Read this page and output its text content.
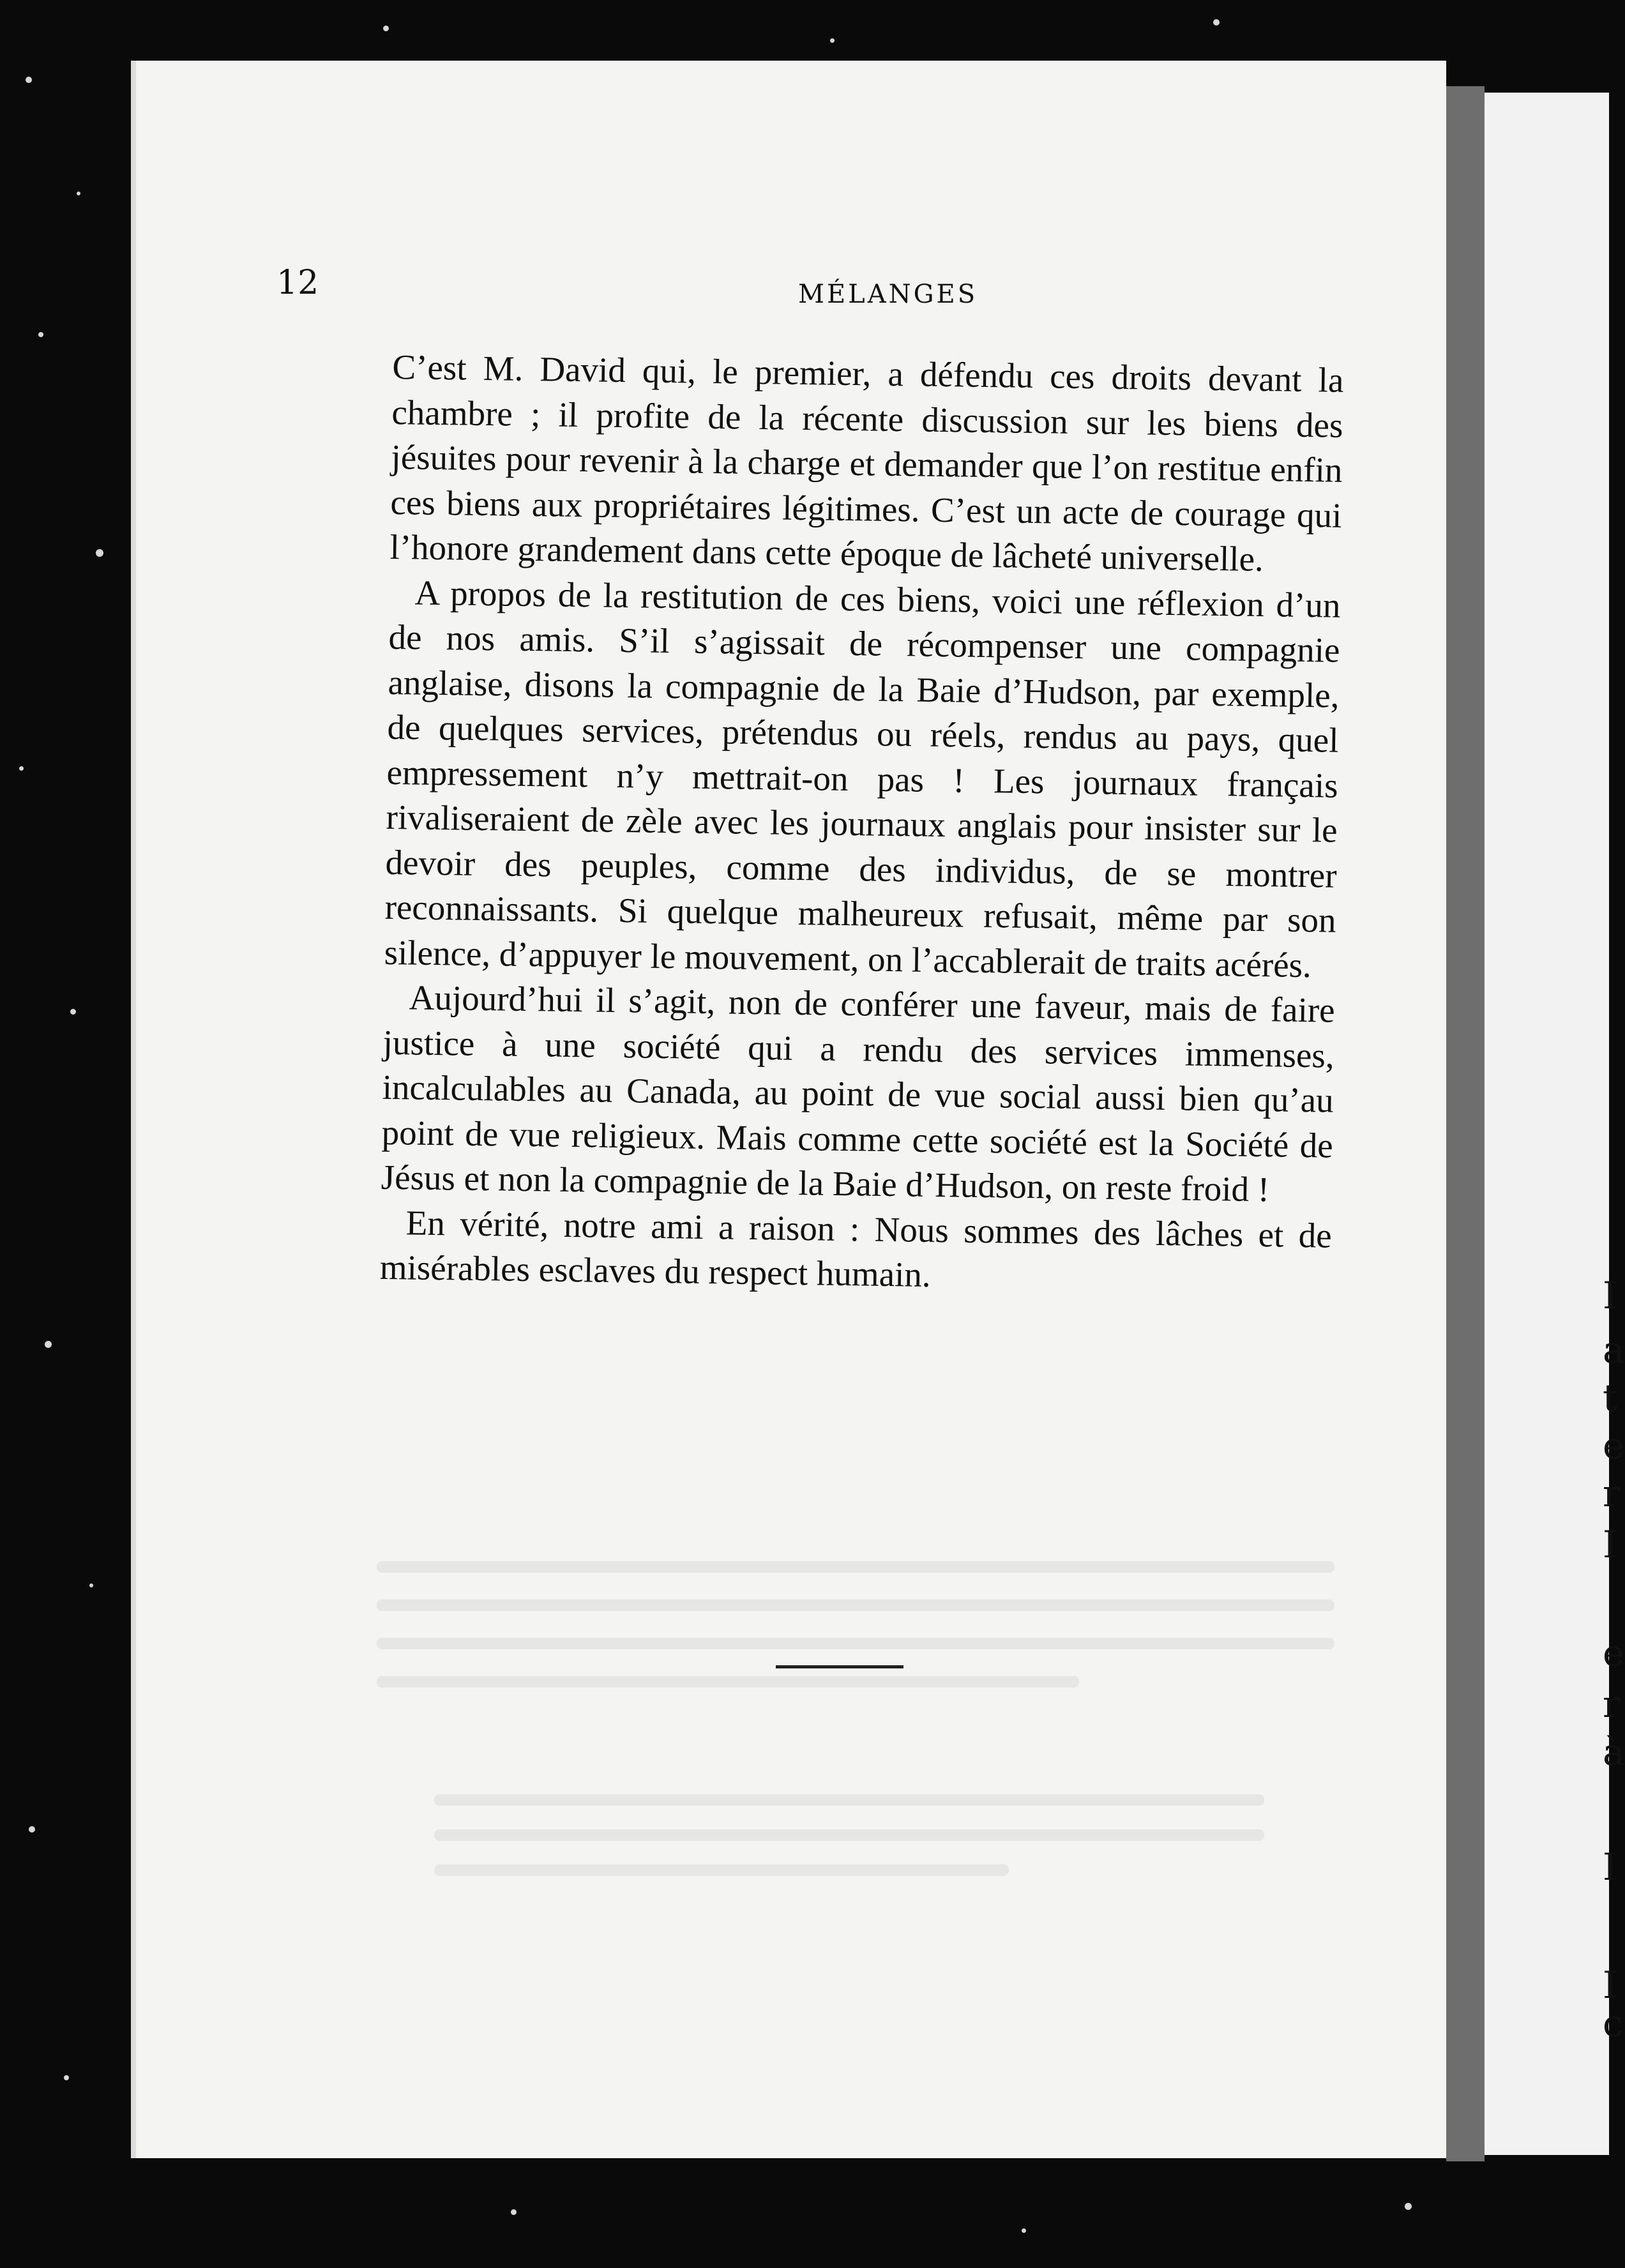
I
a
t
e
r
I
e
r
à
I
I
c
12	MÉLANGES

C’est M. David qui, le premier, a défendu ces droits devant la chambre ; il profite de la récente discussion sur les biens des jésuites pour revenir à la charge et demander que l’on restitue enfin ces biens aux propriétaires légitimes. C’est un acte de courage qui l’honore grandement dans cette époque de lâcheté universelle.

A propos de la restitution de ces biens, voici une réflexion d’un de nos amis. S’il s’agissait de récompenser une compagnie anglaise, disons la compagnie de la Baie d’Hudson, par exemple, de quelques services, prétendus ou réels, rendus au pays, quel empressement n’y mettrait-on pas ! Les journaux français rivaliseraient de zèle avec les journaux anglais pour insister sur le devoir des peuples, comme des individus, de se montrer reconnaissants. Si quelque malheureux refusait, même par son silence, d’appuyer le mouvement, on l’accablerait de traits acérés.

Aujourd’hui il s’agit, non de conférer une faveur, mais de faire justice à une société qui a rendu des services immenses, incalculables au Canada, au point de vue social aussi bien qu’au point de vue religieux. Mais comme cette société est la Société de Jésus et non la compagnie de la Baie d’Hudson, on reste froid !

En vérité, notre ami a raison : Nous sommes des lâches et de misérables esclaves du respect humain.
